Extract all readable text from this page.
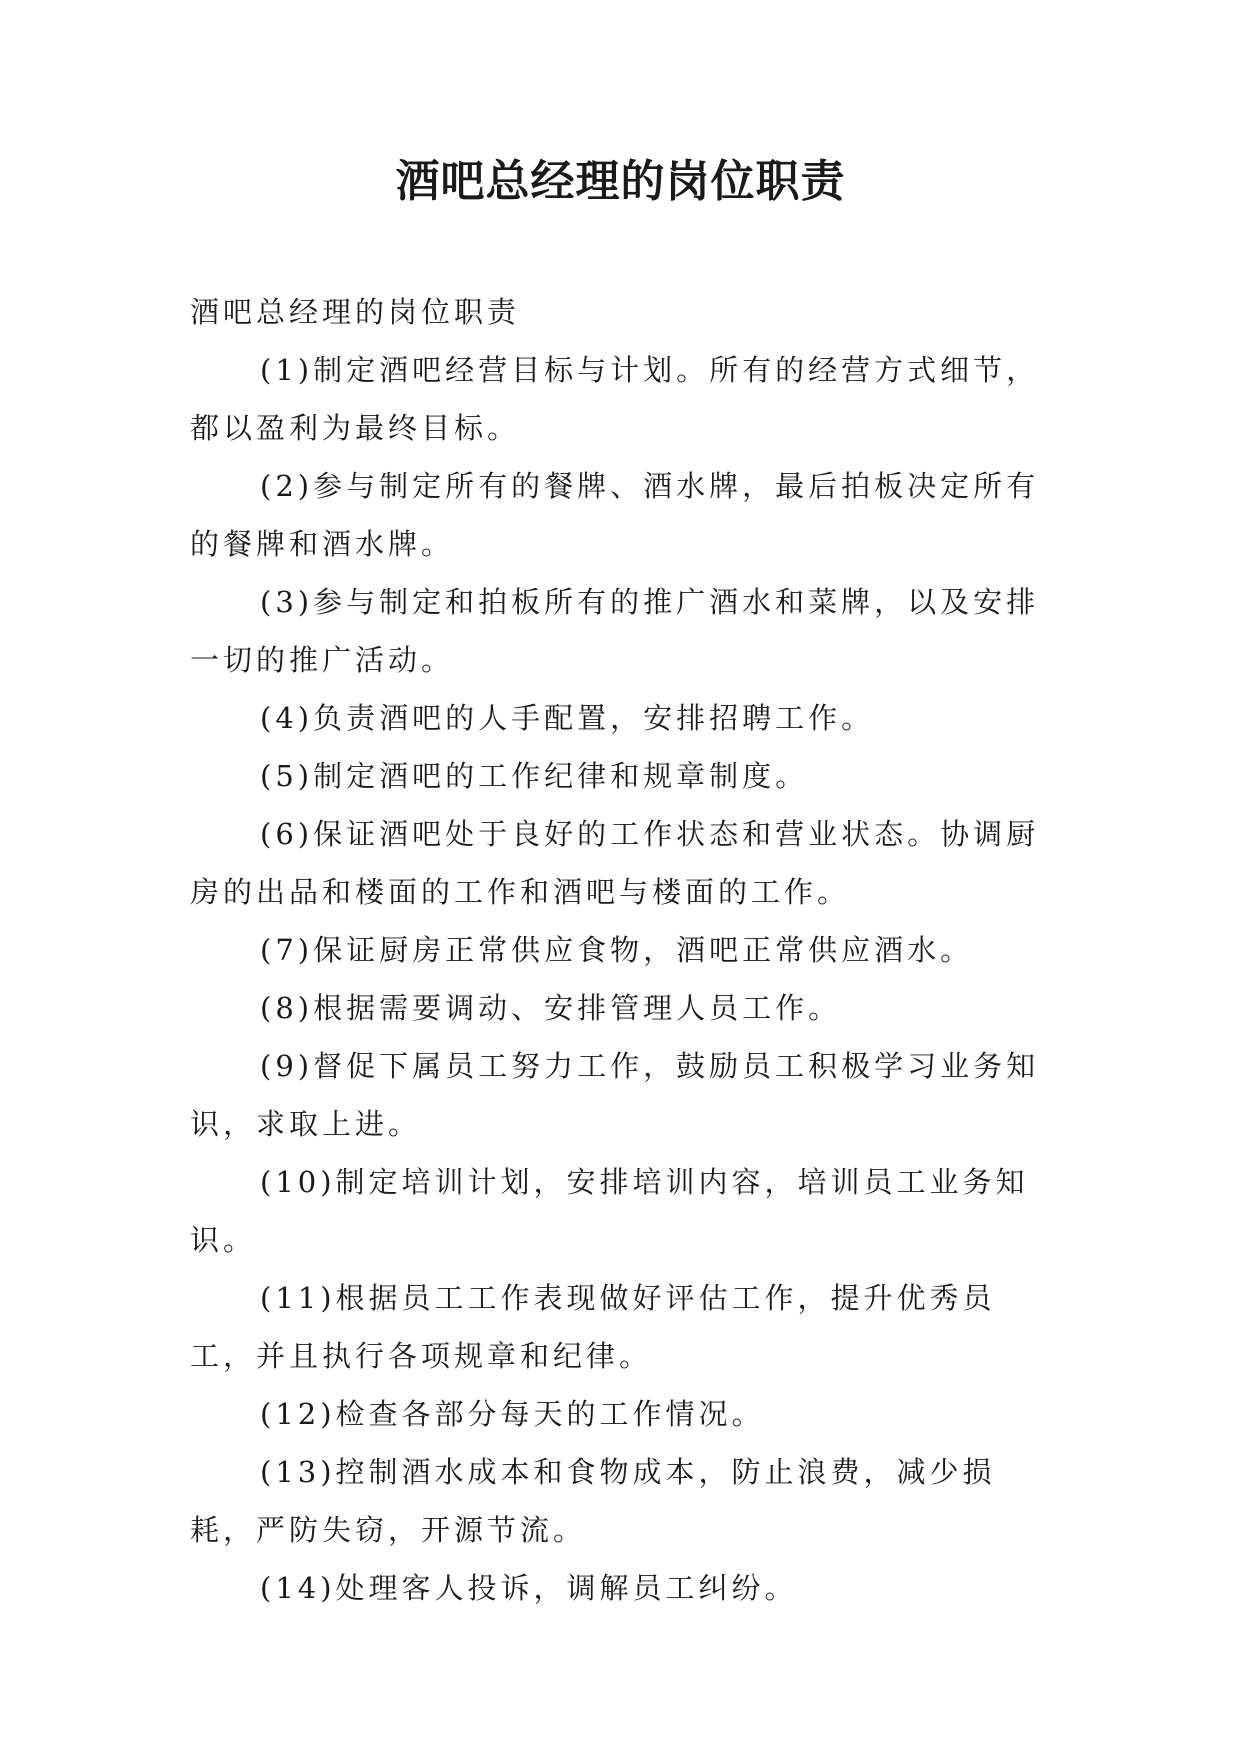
酒吧总经理的岗位职责

酒吧总经理的岗位职责

(1)制定酒吧经营目标与计划。所有的经营方式细节，都以盈利为最终目标。

(2)参与制定所有的餐牌、酒水牌，最后拍板决定所有的餐牌和酒水牌。

(3)参与制定和拍板所有的推广酒水和菜牌，以及安排一切的推广活动。

(4)负责酒吧的人手配置，安排招聘工作。

(5)制定酒吧的工作纪律和规章制度。

(6)保证酒吧处于良好的工作状态和营业状态。协调厨房的出品和楼面的工作和酒吧与楼面的工作。

(7)保证厨房正常供应食物，酒吧正常供应酒水。

(8)根据需要调动、安排管理人员工作。

(9)督促下属员工努力工作，鼓励员工积极学习业务知识，求取上进。

(10)制定培训计划，安排培训内容，培训员工业务知识。

(11)根据员工工作表现做好评估工作，提升优秀员工，并且执行各项规章和纪律。

(12)检查各部分每天的工作情况。

(13)控制酒水成本和食物成本，防止浪费，减少损耗，严防失窃，开源节流。

(14)处理客人投诉，调解员工纠纷。
